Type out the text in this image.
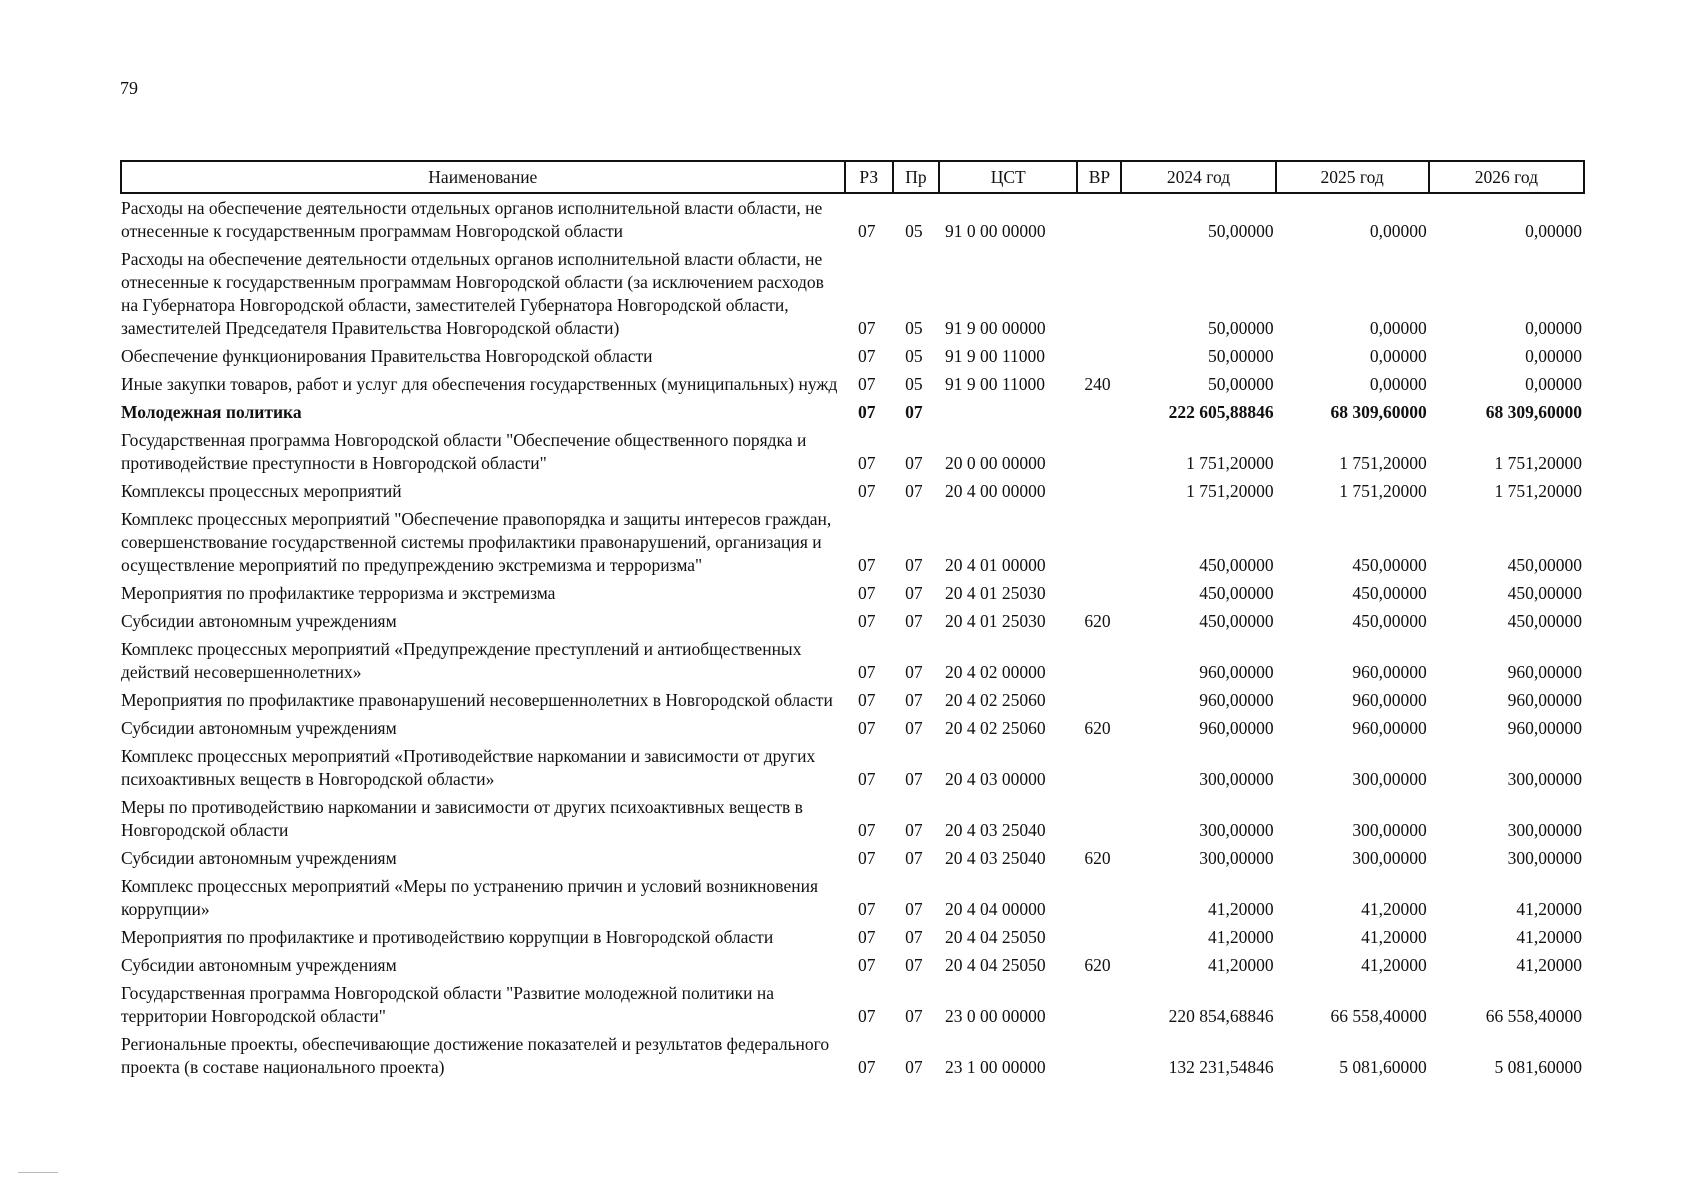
79
Наименование	РЗ	Пр	ЦСТ	ВР	2024 год	2025 год	2026 год
Расходы на обеспечение деятельности отдельных органов исполнительной власти области, не отнесенные к государственным программам Новгородской области	07	05	91 0 00 00000		50,00000	0,00000	0,00000
Расходы на обеспечение деятельности отдельных органов исполнительной власти области, не отнесенные к государственным программам Новгородской области (за исключением расходов на Губернатора Новгородской области, заместителей Губернатора Новгородской области, заместителей Председателя Правительства Новгородской области)	07	05	91 9 00 00000		50,00000	0,00000	0,00000
Обеспечение функционирования Правительства Новгородской области	07	05	91 9 00 11000		50,00000	0,00000	0,00000
Иные закупки товаров, работ и услуг для обеспечения государственных (муниципальных) нужд	07	05	91 9 00 11000	240	50,00000	0,00000	0,00000
Молодежная политика	07	07			222 605,88846	68 309,60000	68 309,60000
Государственная программа Новгородской области "Обеспечение общественного порядка и противодействие преступности в Новгородской области"	07	07	20 0 00 00000		1 751,20000	1 751,20000	1 751,20000
Комплексы процессных мероприятий	07	07	20 4 00 00000		1 751,20000	1 751,20000	1 751,20000
Комплекс процессных мероприятий "Обеспечение правопорядка и защиты интересов граждан, совершенствование государственной системы профилактики правонарушений, организация и осуществление мероприятий по предупреждению экстремизма и терроризма"	07	07	20 4 01 00000		450,00000	450,00000	450,00000
Мероприятия по профилактике терроризма и экстремизма	07	07	20 4 01 25030		450,00000	450,00000	450,00000
Субсидии автономным учреждениям	07	07	20 4 01 25030	620	450,00000	450,00000	450,00000
Комплекс процессных мероприятий «Предупреждение преступлений и антиобщественных действий несовершеннолетних»	07	07	20 4 02 00000		960,00000	960,00000	960,00000
Мероприятия по профилактике правонарушений несовершеннолетних в Новгородской области	07	07	20 4 02 25060		960,00000	960,00000	960,00000
Субсидии автономным учреждениям	07	07	20 4 02 25060	620	960,00000	960,00000	960,00000
Комплекс процессных мероприятий «Противодействие наркомании и зависимости от других психоактивных веществ в Новгородской области»	07	07	20 4 03 00000		300,00000	300,00000	300,00000
Меры по противодействию наркомании и зависимости от других психоактивных веществ в Новгородской области	07	07	20 4 03 25040		300,00000	300,00000	300,00000
Субсидии автономным учреждениям	07	07	20 4 03 25040	620	300,00000	300,00000	300,00000
Комплекс процессных мероприятий «Меры по устранению причин и условий возникновения коррупции»	07	07	20 4 04 00000		41,20000	41,20000	41,20000
Мероприятия по профилактике и противодействию коррупции в Новгородской области	07	07	20 4 04 25050		41,20000	41,20000	41,20000
Субсидии автономным учреждениям	07	07	20 4 04 25050	620	41,20000	41,20000	41,20000
Государственная программа Новгородской области "Развитие молодежной политики на территории Новгородской области"	07	07	23 0 00 00000		220 854,68846	66 558,40000	66 558,40000
Региональные проекты, обеспечивающие достижение показателей и результатов федерального проекта (в составе национального проекта)	07	07	23 1 00 00000		132 231,54846	5 081,60000	5 081,60000
